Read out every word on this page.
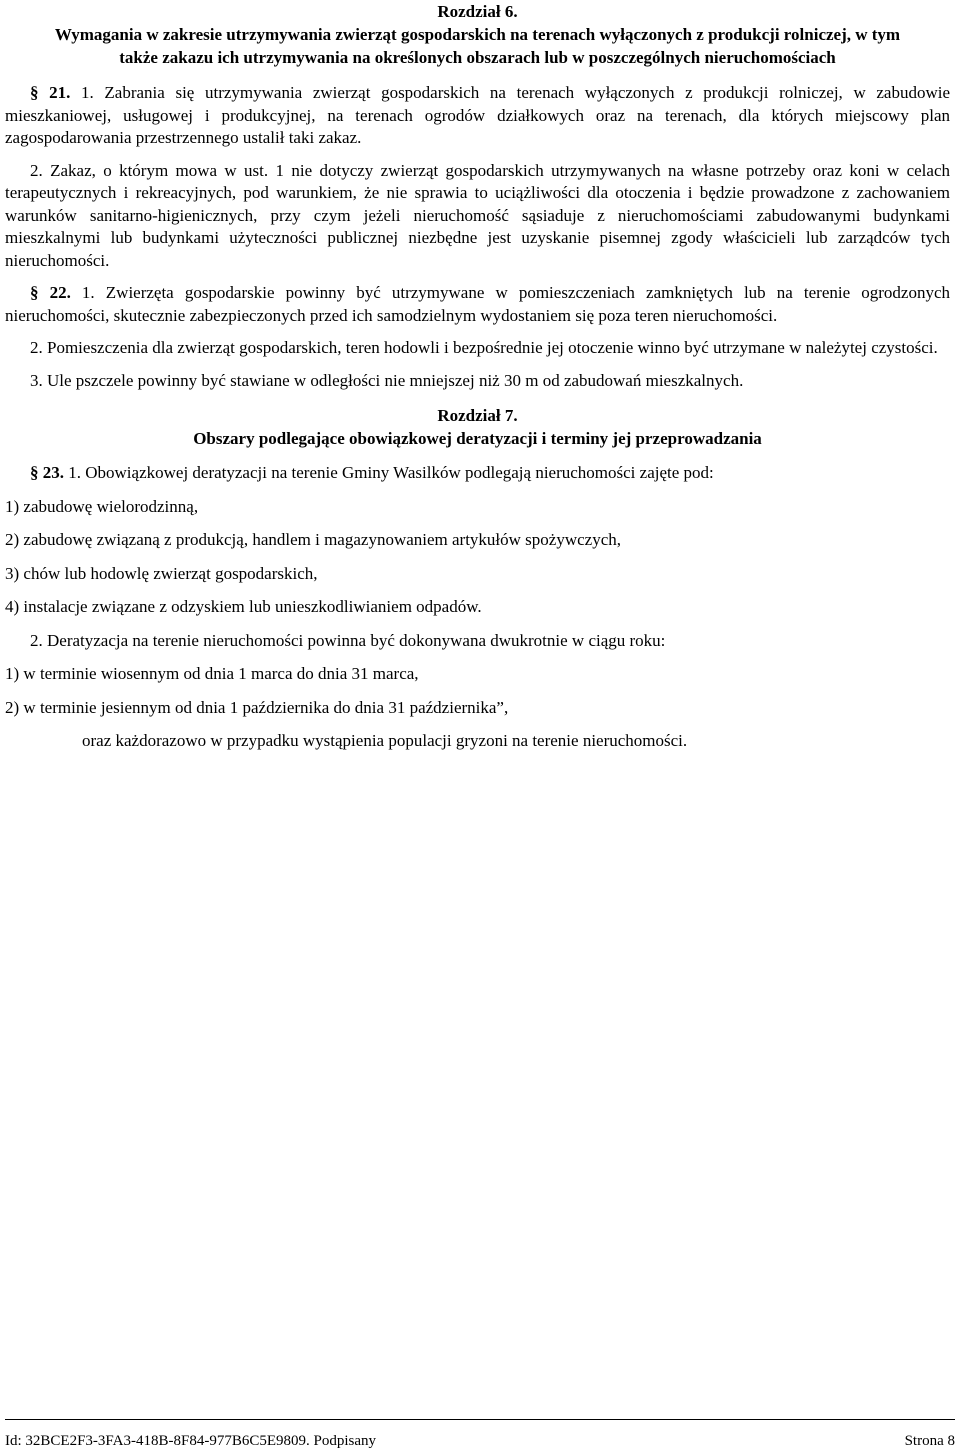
Rozdział 6.
Wymagania w zakresie utrzymywania zwierząt gospodarskich na terenach wyłączonych z produkcji rolniczej, w tym także zakazu ich utrzymywania na określonych obszarach lub w poszczególnych nieruchomościach

§ 21. 1. Zabrania się utrzymywania zwierząt gospodarskich na terenach wyłączonych z produkcji rolniczej, w zabudowie mieszkaniowej, usługowej i produkcyjnej, na terenach ogrodów działkowych oraz na terenach, dla których miejscowy plan zagospodarowania przestrzennego ustalił taki zakaz.

2. Zakaz, o którym mowa w ust. 1 nie dotyczy zwierząt gospodarskich utrzymywanych na własne potrzeby oraz koni w celach terapeutycznych i rekreacyjnych, pod warunkiem, że nie sprawia to uciążliwości dla otoczenia i będzie prowadzone z zachowaniem warunków sanitarno-higienicznych, przy czym jeżeli nieruchomość sąsiaduje z nieruchomościami zabudowanymi budynkami mieszkalnymi lub budynkami użyteczności publicznej niezbędne jest uzyskanie pisemnej zgody właścicieli lub zarządców tych nieruchomości.

§ 22. 1. Zwierzęta gospodarskie powinny być utrzymywane w pomieszczeniach zamkniętych lub na terenie ogrodzonych nieruchomości, skutecznie zabezpieczonych przed ich samodzielnym wydostaniem się poza teren nieruchomości.

2. Pomieszczenia dla zwierząt gospodarskich, teren hodowli i bezpośrednie jej otoczenie winno być utrzymane w należytej czystości.

3. Ule pszczele powinny być stawiane w odległości nie mniejszej niż 30 m od zabudowań mieszkalnych.

Rozdział 7.
Obszary podlegające obowiązkowej deratyzacji i terminy jej przeprowadzania

§ 23. 1. Obowiązkowej deratyzacji na terenie Gminy Wasilków podlegają nieruchomości zajęte pod:

1) zabudowę wielorodzinną,
2) zabudowę związaną z produkcją, handlem i magazynowaniem artykułów spożywczych,
3) chów lub hodowlę zwierząt gospodarskich,
4) instalacje związane z odzyskiem lub unieszkodliwianiem odpadów.

2. Deratyzacja na terenie nieruchomości powinna być dokonywana dwukrotnie w ciągu roku:

1) w terminie wiosennym od dnia 1 marca do dnia 31 marca,
2) w terminie jesiennym od dnia 1 października do dnia 31 października”,
oraz każdorazowo w przypadku wystąpienia populacji gryzoni na terenie nieruchomości.
Id: 32BCE2F3-3FA3-418B-8F84-977B6C5E9809. Podpisany	Strona 8
